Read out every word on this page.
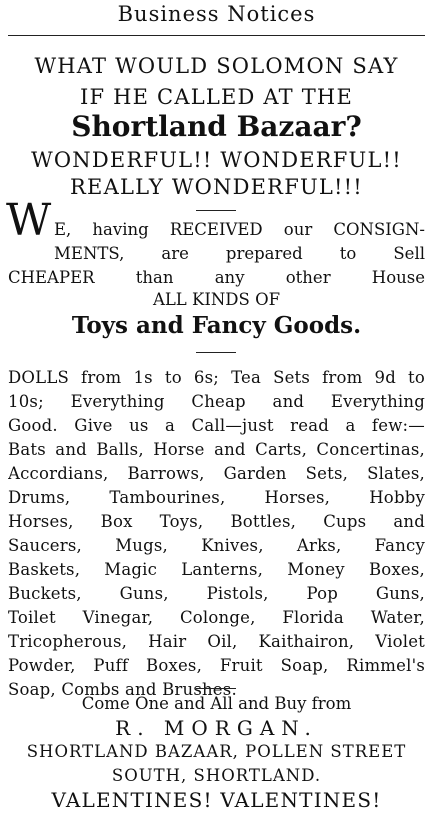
Business Notices
WHAT WOULD SOLOMON SAY
IF HE CALLED AT THE
Shortland Bazaar?
WONDERFUL!! WONDERFUL!!
REALLY WONDERFUL!!!
W E, having RECEIVED our CONSIGN-
MENTS, are prepared to Sell
CHEAPER than any other House
ALL KINDS OF
Toys and Fancy Goods.
DOLLS from 1s to 6s; Tea Sets from 9d to
10s; Everything Cheap and Everything
Good. Give us a Call—just read a few:—
Bats and Balls, Horse and Carts, Concertinas,
Accordians, Barrows, Garden Sets, Slates,
Drums, Tambourines, Horses, Hobby
Horses, Box Toys, Bottles, Cups and
Saucers, Mugs, Knives, Arks, Fancy
Baskets, Magic Lanterns, Money Boxes,
Buckets, Guns, Pistols, Pop Guns,
Toilet Vinegar, Colonge, Florida Water,
Tricopherous, Hair Oil, Kaithairon, Violet
Powder, Puff Boxes, Fruit Soap, Rimmel's
Soap, Combs and Brushes.
Come One and All and Buy from
R. MORGAN.
SHORTLAND BAZAAR, POLLEN STREET
SOUTH, SHORTLAND.
VALENTINES! VALENTINES!
